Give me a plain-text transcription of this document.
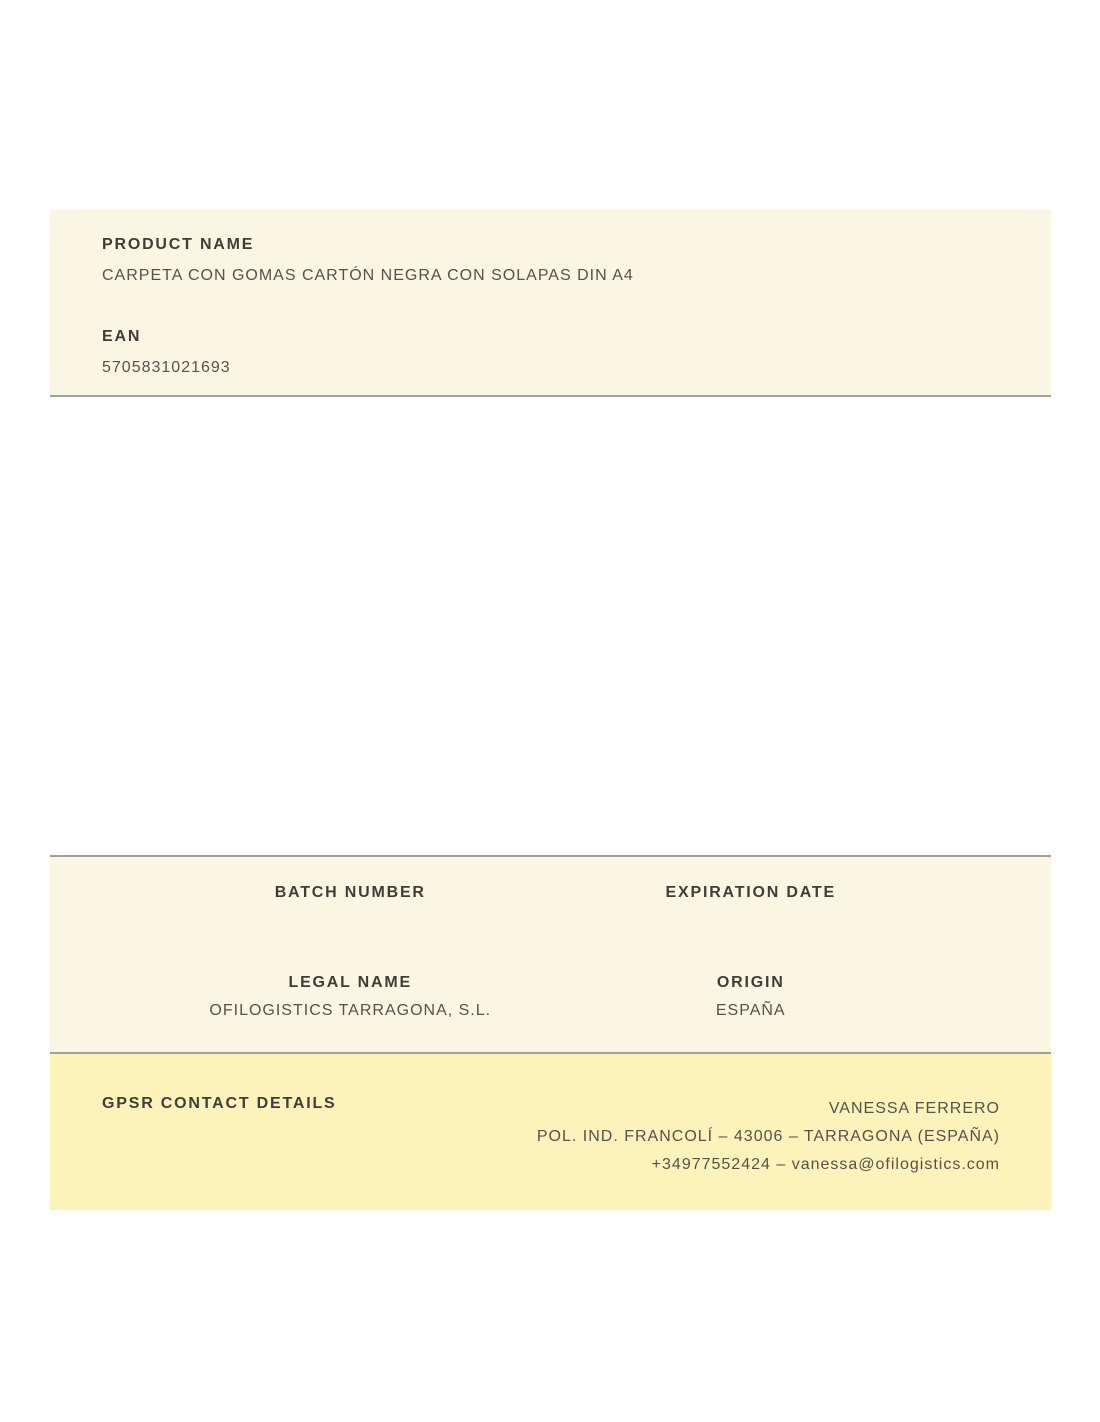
PRODUCT NAME
CARPETA CON GOMAS CARTÓN NEGRA CON SOLAPAS DIN A4
EAN
5705831021693
BATCH NUMBER	EXPIRATION DATE
LEGAL NAME
OFILOGISTICS TARRAGONA, S.L.
ORIGIN
ESPAÑA
GPSR CONTACT DETAILS	VANESSA FERRERO
POL. IND. FRANCOLÍ – 43006 – TARRAGONA (ESPAÑA)
+34977552424 – vanessa@ofilogistics.com
